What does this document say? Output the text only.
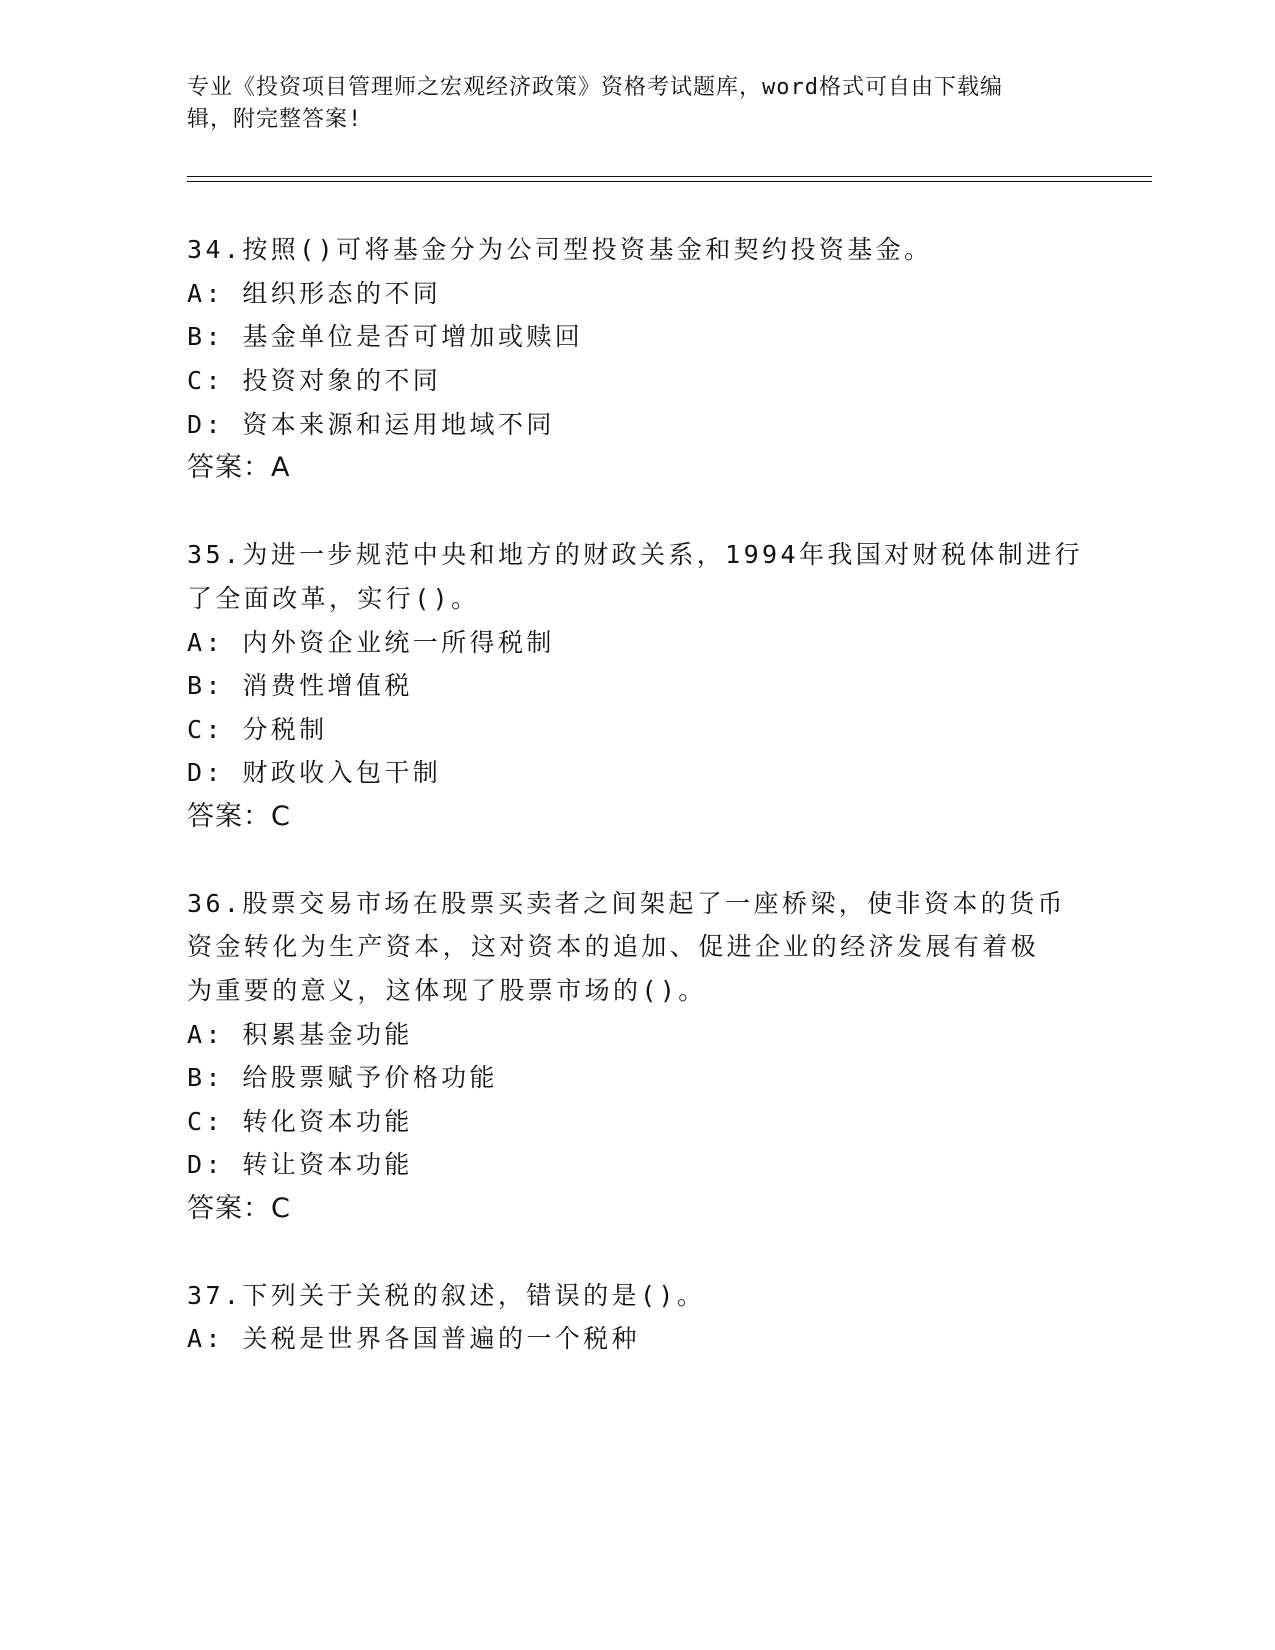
专业《投资项目管理师之宏观经济政策》资格考试题库，word格式可自由下载编
辑，附完整答案!
34.按照()可将基金分为公司型投资基金和契约投资基金。
A: 组织形态的不同
B: 基金单位是否可增加或赎回
C: 投资对象的不同
D: 资本来源和运用地域不同
答案：A
35.为进一步规范中央和地方的财政关系，1994年我国对财税体制进行
了全面改革，实行()。
A: 内外资企业统一所得税制
B: 消费性增值税
C: 分税制
D: 财政收入包干制
答案：C
36.股票交易市场在股票买卖者之间架起了一座桥梁，使非资本的货币
资金转化为生产资本，这对资本的追加、促进企业的经济发展有着极
为重要的意义，这体现了股票市场的()。
A: 积累基金功能
B: 给股票赋予价格功能
C: 转化资本功能
D: 转让资本功能
答案：C
37.下列关于关税的叙述，错误的是()。
A: 关税是世界各国普遍的一个税种
